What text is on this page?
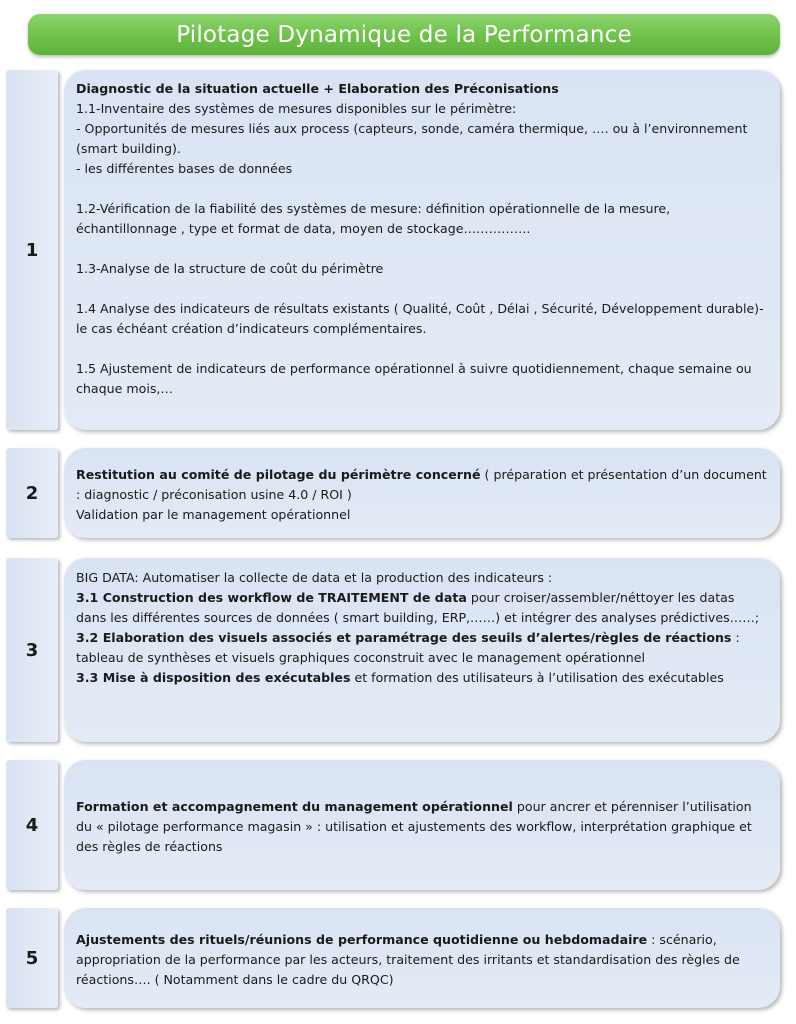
Pilotage Dynamique de la Performance
1

Diagnostic de la situation actuelle + Elaboration des Préconisations

1.1-Inventaire des systèmes de mesures disponibles sur le périmètre:

- Opportunités de mesures liés aux process (capteurs, sonde, caméra thermique, …. ou à l’environnement (smart building).

- les différentes bases de données

1.2-Vérification de la fiabilité des systèmes de mesure: définition opérationnelle de la mesure, échantillonnage , type et format de data, moyen de stockage…………….

1.3-Analyse de la structure de coût du périmètre

1.4 Analyse des indicateurs de résultats existants ( Qualité, Coût , Délai , Sécurité, Développement durable)- le cas échéant création d’indicateurs complémentaires.

1.5 Ajustement de indicateurs de performance opérationnel à suivre quotidiennement, chaque semaine ou chaque mois,…

2

Restitution au comité de pilotage du périmètre concerné ( préparation et présentation d’un document : diagnostic / préconisation usine 4.0 / ROI )

Validation par le management opérationnel

3

BIG DATA: Automatiser la collecte de data et la production des indicateurs :

3.1 Construction des workflow de TRAITEMENT de data pour croiser/assembler/néttoyer les datas dans les différentes sources de données ( smart building, ERP,……) et intégrer des analyses prédictives……;

3.2 Elaboration des visuels associés et paramétrage des seuils d’alertes/règles de réactions : tableau de synthèses et visuels graphiques coconstruit avec le management opérationnel

3.3 Mise à disposition des exécutables et formation des utilisateurs à l’utilisation des exécutables

4

Formation et accompagnement du management opérationnel pour ancrer et pérenniser l’utilisation du « pilotage performance magasin » : utilisation et ajustements des workflow, interprétation graphique et des règles de réactions

5

Ajustements des rituels/réunions de performance quotidienne ou hebdomadaire : scénario, appropriation de la performance par les acteurs, traitement des irritants et standardisation des règles de réactions…. ( Notamment dans le cadre du QRQC)
